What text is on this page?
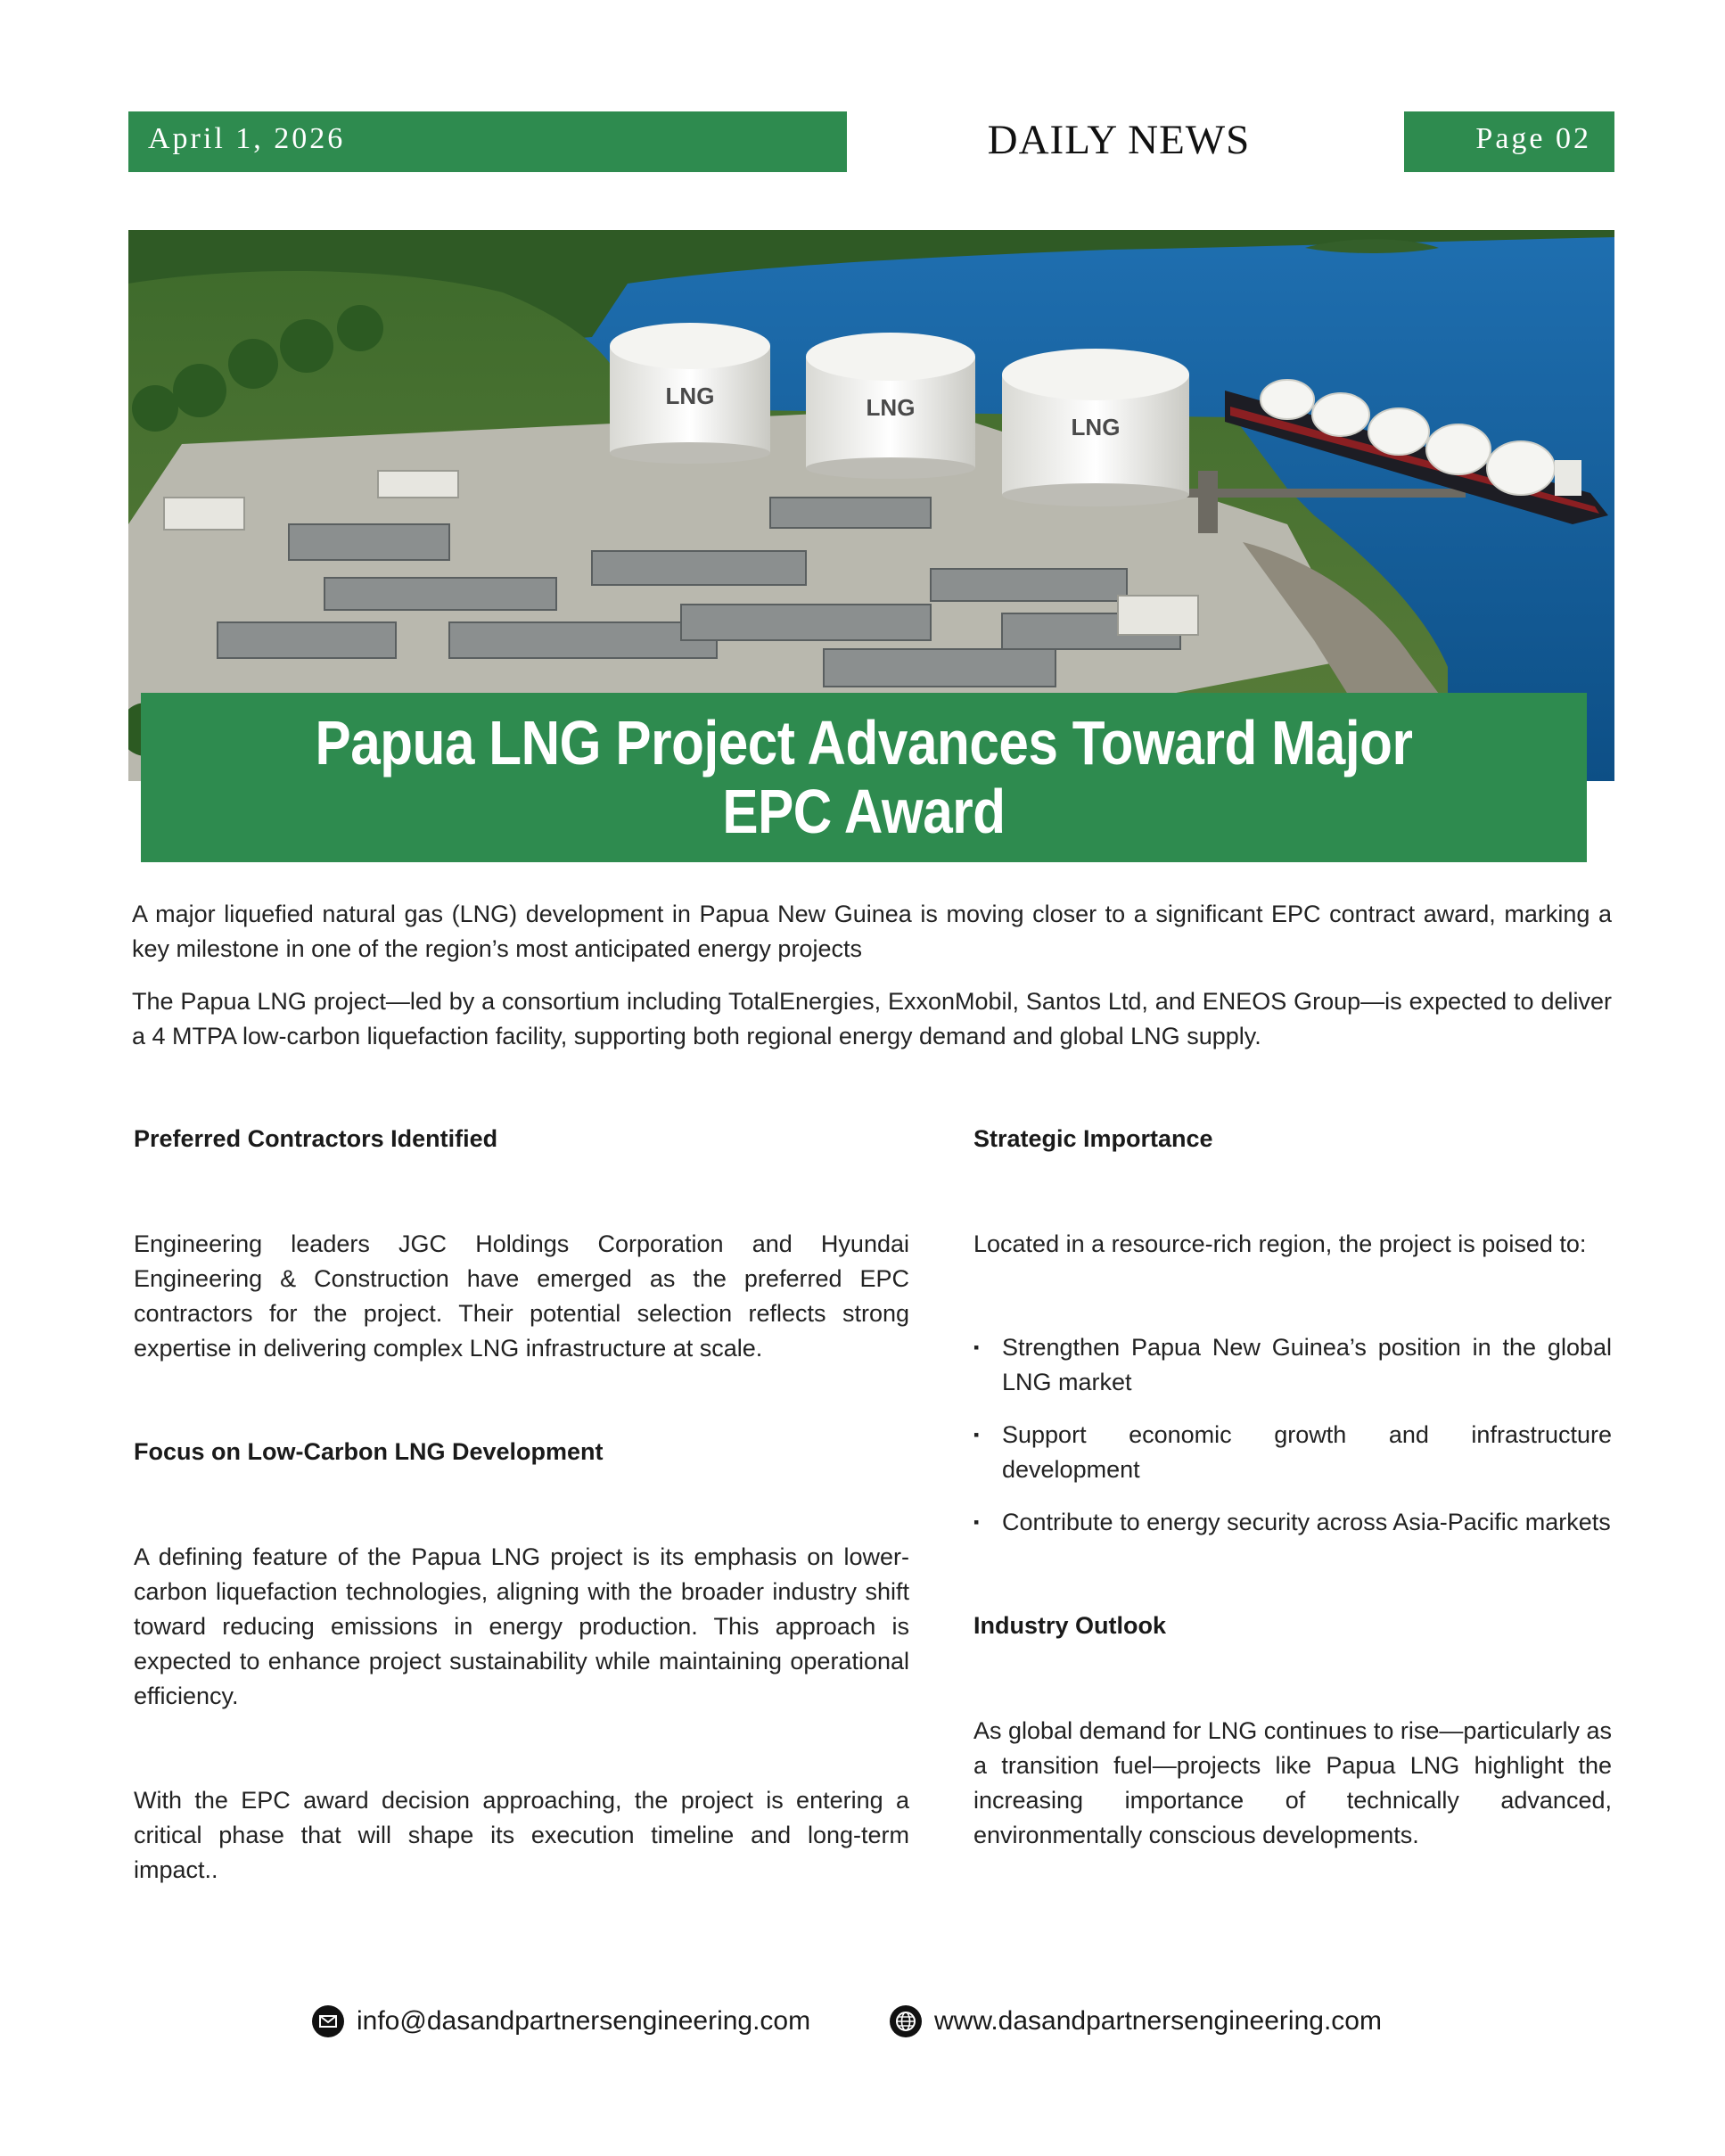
April 1, 2026	DAILY NEWS	Page 02
LNG	LNG
LNG
Papua LNG Project Advances Toward Major EPC Award
A major liquefied natural gas (LNG) development in Papua New Guinea is moving closer to a significant EPC contract award, marking a key milestone in one of the region’s most anticipated energy projects
The Papua LNG project—led by a consortium including TotalEnergies, ExxonMobil, Santos Ltd, and ENEOS Group—is expected to deliver a 4 MTPA low-carbon liquefaction facility, supporting both regional energy demand and global LNG supply.
Preferred Contractors Identified
Engineering leaders JGC Holdings Corporation and Hyundai Engineering & Construction have emerged as the preferred EPC contractors for the project. Their potential selection reflects strong expertise in delivering complex LNG infrastructure at scale.
Focus on Low-Carbon LNG Development
A defining feature of the Papua LNG project is its emphasis on lower-carbon liquefaction technologies, aligning with the broader industry shift toward reducing emissions in energy production. This approach is expected to enhance project sustainability while maintaining operational efficiency.
With the EPC award decision approaching, the project is entering a critical phase that will shape its execution timeline and long-term impact..
Strategic Importance
Located in a resource-rich region, the project is poised to:
▪ Strengthen Papua New Guinea’s position in the global LNG market
▪ Support economic growth and infrastructure development
▪ Contribute to energy security across Asia-Pacific markets
Industry Outlook
As global demand for LNG continues to rise—particularly as a transition fuel—projects like Papua LNG highlight the increasing importance of technically advanced, environmentally conscious developments.
info@dasandpartnersengineering.com	www.dasandpartnersengineering.com
